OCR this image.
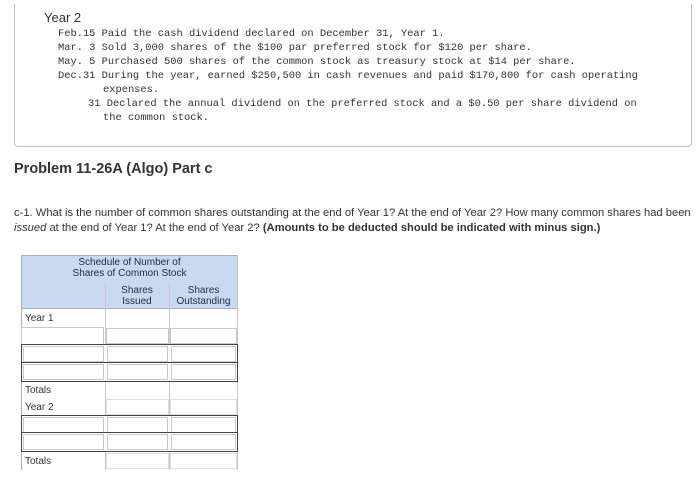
Year 2
Feb.15 Paid the cash dividend declared on December 31, Year 1.
Mar. 3 Sold 3,000 shares of the $100 par preferred stock for $120 per share.
May. 5 Purchased 500 shares of the common stock as treasury stock at $14 per share.
Dec.31 During the year, earned $250,500 in cash revenues and paid $170,800 for cash operating
expenses.
31 Declared the annual dividend on the preferred stock and a $0.50 per share dividend on
the common stock.
Problem 11-26A (Algo) Part c
c-1. What is the number of common shares outstanding at the end of Year 1? At the end of Year 2? How many common shares had been issued at the end of Year 1? At the end of Year 2? (Amounts to be deducted should be indicated with minus sign.)
Schedule of Number of
Shares of Common Stock
Shares
Issued
Shares
Outstanding
Year 1
Totals
Year 2
Totals
